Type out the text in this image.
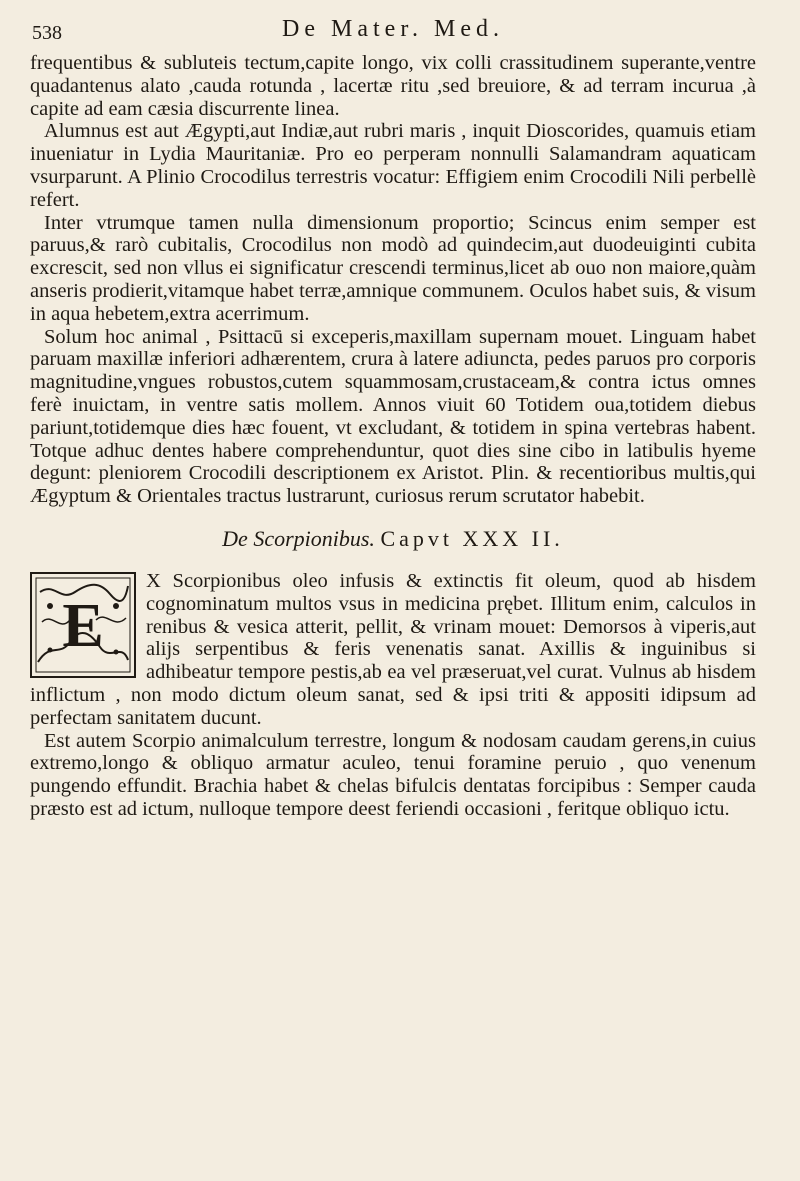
538	De Mater. Med.

frequentibus & subluteis tectum,capite longo, vix colli crassitudinem superante,ventre quadantenus alato ,cauda rotunda , lacertæ ritu ,sed breuiore, & ad terram incurua ,à capite ad eam cæsia discurrente linea.

Alumnus est aut Ægypti,aut Indiæ,aut rubri maris , inquit Dioscorides, quamuis etiam inueniatur in Lydia Mauritaniæ. Pro eo perperam nonnulli Salamandram aquaticam vsurparunt. A Plinio Crocodilus terrestris vocatur: Effigiem enim Crocodili Nili perbellè refert.

Inter vtrumque tamen nulla dimensionum proportio; Scincus enim semper est paruus,& rarò cubitalis, Crocodilus non modò ad quindecim,aut duodeuiginti cubita excrescit, sed non vllus ei significatur crescendi terminus,licet ab ouo non maiore,quàm anseris prodierit,vitamque habet terræ,amnique communem. Oculos habet suis, & visum in aqua hebetem,extra acerrimum.

Solum hoc animal , Psittacū si exceperis,maxillam supernam mouet. Linguam habet paruam maxillæ inferiori adhærentem, crura à latere adiuncta, pedes paruos pro corporis magnitudine,vngues robustos,cutem squammosam,crustaceam,& contra ictus omnes ferè inuictam, in ventre satis mollem. Annos viuit 60 Totidem oua,totidem diebus pariunt,totidemque dies hæc fouent, vt excludant, & totidem in spina vertebras habent. Totque adhuc dentes habere comprehenduntur, quot dies sine cibo in latibulis hyeme degunt: pleniorem Crocodili descriptionem ex Aristot. Plin. & recentioribus multis,qui Ægyptum & Orientales tractus lustrarunt, curiosus rerum scrutator habebit.

De Scorpionibus. Capvt XXX II.
E

X Scorpionibus oleo infusis & extinctis fit oleum, quod ab hisdem cognominatum multos vsus in medicina prębet. Illitum enim, calculos in renibus & vesica atterit, pellit, & vrinam mouet: Demorsos à viperis,aut alijs serpentibus & feris venenatis sanat. Axillis & inguinibus si adhibeatur tempore pestis,ab ea vel præseruat,vel curat. Vulnus ab hisdem inflictum , non modo dictum oleum sanat, sed & ipsi triti & appositi idipsum ad perfectam sanitatem ducunt.

Est autem Scorpio animalculum terrestre, longum & nodosam caudam gerens,in cuius extremo,longo & obliquo armatur aculeo, tenui foramine peruio , quo venenum pungendo effundit. Brachia habet & chelas bifulcis dentatas forcipibus : Semper cauda præsto est ad ictum, nulloque tempore deest feriendi occasioni , feritque obliquo ictu.
